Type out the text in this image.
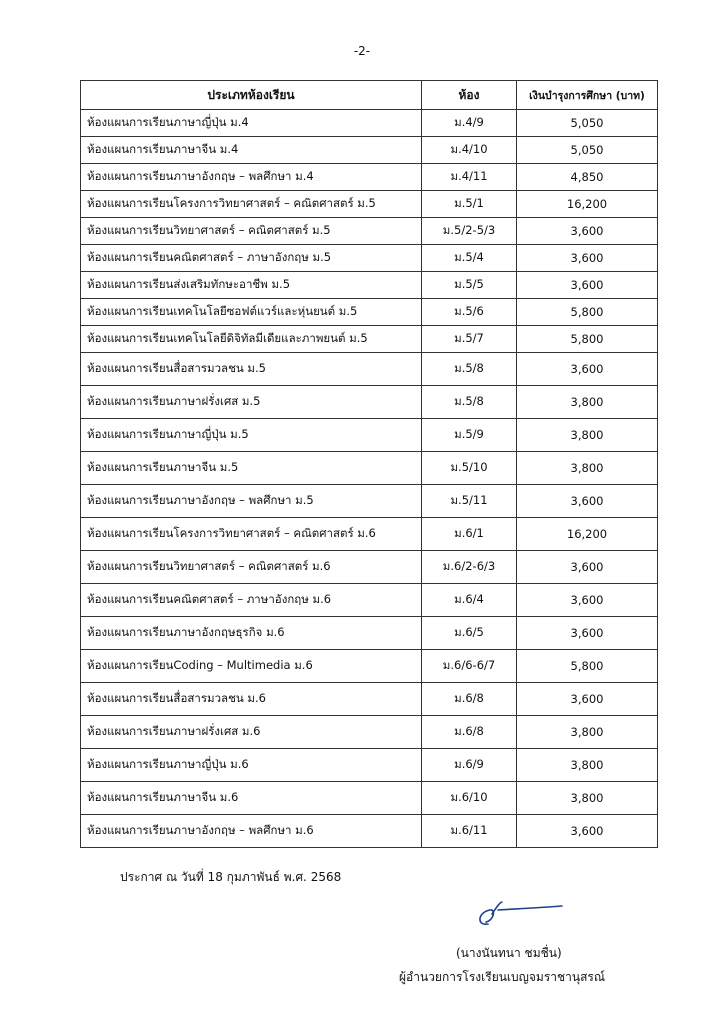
-2-
ประเภทห้องเรียน	ห้อง	เงินบำรุงการศึกษา (บาท)
ห้องแผนการเรียนภาษาญี่ปุ่น ม.4	ม.4/9	5,050
ห้องแผนการเรียนภาษาจีน ม.4	ม.4/10	5,050
ห้องแผนการเรียนภาษาอังกฤษ – พลศึกษา ม.4	ม.4/11	4,850
ห้องแผนการเรียนโครงการวิทยาศาสตร์ – คณิตศาสตร์ ม.5	ม.5/1	16,200
ห้องแผนการเรียนวิทยาศาสตร์ – คณิตศาสตร์ ม.5	ม.5/2-5/3	3,600
ห้องแผนการเรียนคณิตศาสตร์ – ภาษาอังกฤษ ม.5	ม.5/4	3,600
ห้องแผนการเรียนส่งเสริมทักษะอาชีพ ม.5	ม.5/5	3,600
ห้องแผนการเรียนเทคโนโลยีซอฟต์แวร์และหุ่นยนต์ ม.5	ม.5/6	5,800
ห้องแผนการเรียนเทคโนโลยีดิจิทัลมีเดียและภาพยนต์ ม.5	ม.5/7	5,800
ห้องแผนการเรียนสื่อสารมวลชน ม.5	ม.5/8	3,600
ห้องแผนการเรียนภาษาฝรั่งเศส ม.5	ม.5/8	3,800
ห้องแผนการเรียนภาษาญี่ปุ่น ม.5	ม.5/9	3,800
ห้องแผนการเรียนภาษาจีน ม.5	ม.5/10	3,800
ห้องแผนการเรียนภาษาอังกฤษ – พลศึกษา ม.5	ม.5/11	3,600
ห้องแผนการเรียนโครงการวิทยาศาสตร์ – คณิตศาสตร์ ม.6	ม.6/1	16,200
ห้องแผนการเรียนวิทยาศาสตร์ – คณิตศาสตร์ ม.6	ม.6/2-6/3	3,600
ห้องแผนการเรียนคณิตศาสตร์ – ภาษาอังกฤษ ม.6	ม.6/4	3,600
ห้องแผนการเรียนภาษาอังกฤษธุรกิจ ม.6	ม.6/5	3,600
ห้องแผนการเรียนCoding – Multimedia ม.6	ม.6/6-6/7	5,800
ห้องแผนการเรียนสื่อสารมวลชน ม.6	ม.6/8	3,600
ห้องแผนการเรียนภาษาฝรั่งเศส ม.6	ม.6/8	3,800
ห้องแผนการเรียนภาษาญี่ปุ่น ม.6	ม.6/9	3,800
ห้องแผนการเรียนภาษาจีน ม.6	ม.6/10	3,800
ห้องแผนการเรียนภาษาอังกฤษ – พลศึกษา ม.6	ม.6/11	3,600
ประกาศ ณ วันที่ 18 กุมภาพันธ์ พ.ศ. 2568
(นางนันทนา ชมชื่น)
ผู้อำนวยการโรงเรียนเบญจมราชานุสรณ์
